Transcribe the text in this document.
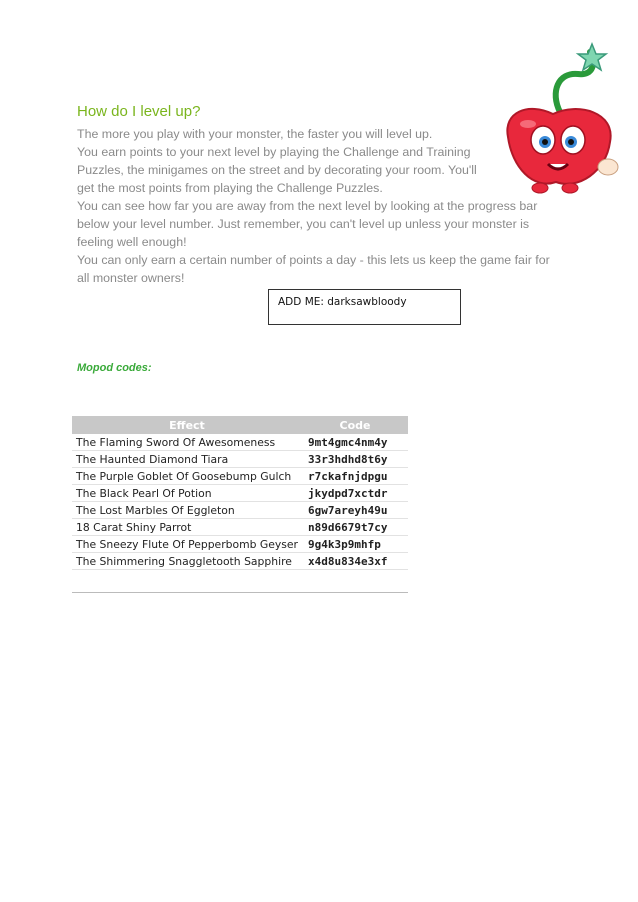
How do I level up?

The more you play with your monster, the faster you will level up.

You earn points to your next level by playing the Challenge and Training
Puzzles, the minigames on the street and by decorating your room. You'll
get the most points from playing the Challenge Puzzles.

You can see how far you are away from the next level by looking at the progress bar below your level number. Just remember, you can't level up unless your monster is feeling well enough!

You can only earn a certain number of points a day - this lets us keep the game fair for all monster owners!

ADD ME: darksawbloody
Mopod codes:
Effect	Code
The Flaming Sword Of Awesomeness	9mt4gmc4nm4y
The Haunted Diamond Tiara	33r3hdhd8t6y
The Purple Goblet Of Goosebump Gulch	r7ckafnjdpgu
The Black Pearl Of Potion	jkydpd7xctdr
The Lost Marbles Of Eggleton	6gw7areyh49u
18 Carat Shiny Parrot	n89d6679t7cy
The Sneezy Flute Of Pepperbomb Geyser	9g4k3p9mhfp
The Shimmering Snaggletooth Sapphire	x4d8u834e3xf
